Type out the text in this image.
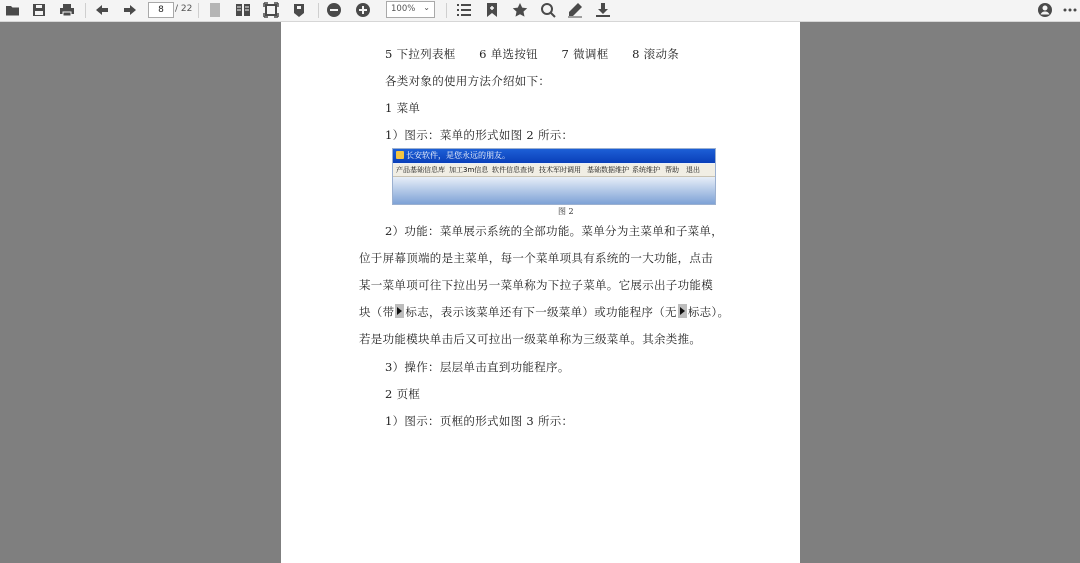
8	/ 22	100% ⌄
5 下拉列表框　　6 单选按钮　　7 微调框　　8 滚动条
各类对象的使用方法介绍如下：
1 菜单
1）图示：菜单的形式如图 2 所示：
长安软件，是您永远的朋友。
产品基础信息库 加工3m信息 软件信息查询 技术军时调用 基础数据维护 系统维护 帮助 退出
图 2
2）功能：菜单展示系统的全部功能。菜单分为主菜单和子菜单，
位于屏幕顶端的是主菜单，每一个菜单项具有系统的一大功能，点击
某一菜单项可往下拉出另一菜单称为下拉子菜单。它展示出子功能模
块（带 标志，表示该菜单还有下一级菜单）或功能程序（无 标志）。
若是功能模块单击后又可拉出一级菜单称为三级菜单。其余类推。
3）操作：层层单击直到功能程序。
2 页框
1）图示：页框的形式如图 3 所示：
